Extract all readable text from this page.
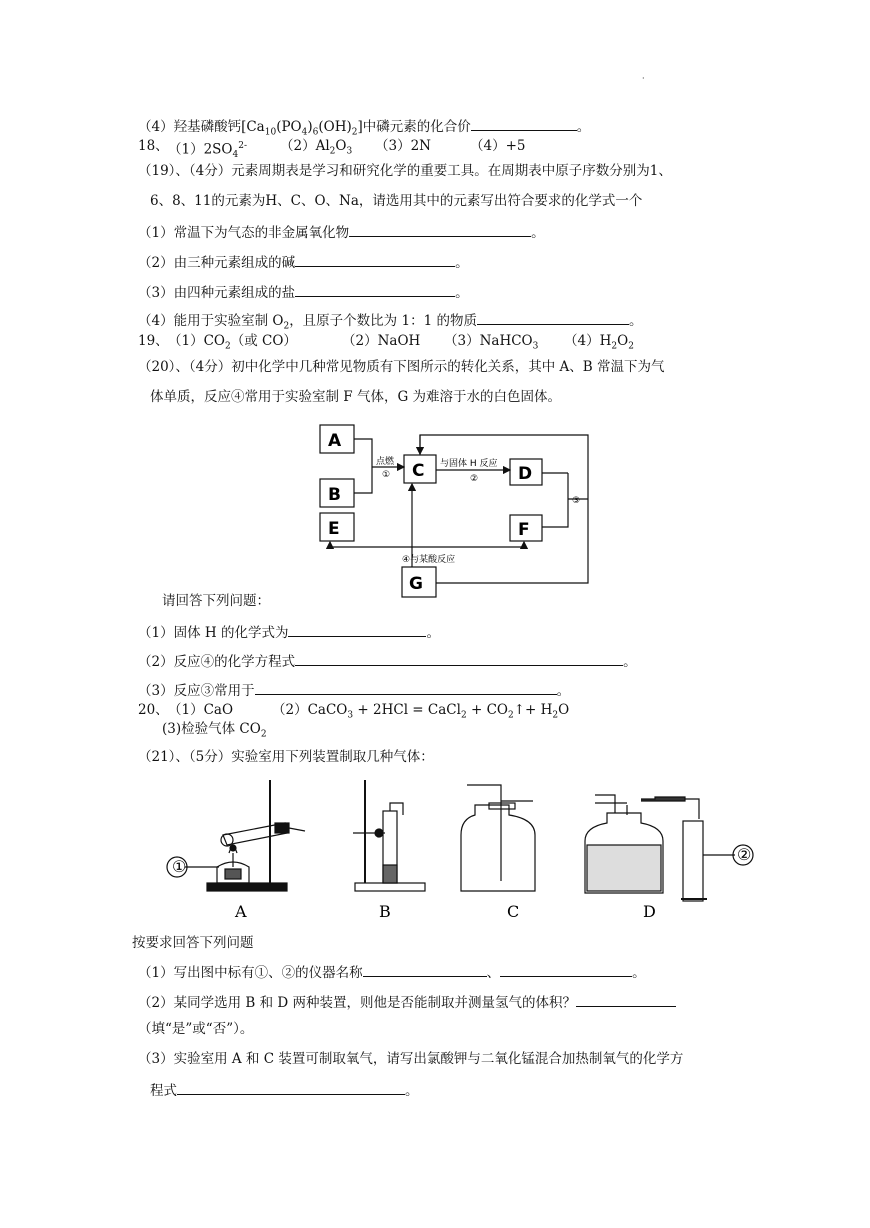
·
（4）羟基磷酸钙$[Ca_{10}(PO_4)_6(OH)_2]$中磷元素的化合价	。
18、 $(1)2SO_4^{2-}$ $(2)Al_2O_3$ （3）2N	（4）+5
（19）、（4分）元素周期表是学习和研究化学的重要工具。在周期表中原子序数分别为1、
6、8、11的元素为H、C、O、Na，请选用其中的元素写出符合要求的化学式一个
（1）常温下为气态的非金属氧化物	。
（2）由三种元素组成的碱	。
（3）由四种元素组成的盐	。
（4）能用于实验室制 $O_2$，且原子个数比为 1：1 的物质	。
19、 $(1)CO_2$（或 CO）	（2）NaOH （3）NaHCO$_3$ $(4)H_2O_2$
（20）、（4分）初中化学中几种常见物质有下图所示的转化关系，其中 A、B 常温下为气
体单质，反应④常用于实验室制 F 气体，G 为难溶于水的白色固体。
A
B
C	D
E	F
G
点燃
①
与固体 H 反应
②
③
④与某酸反应
请回答下列问题：
（1）固体 H 的化学式为	。
（2）反应④的化学方程式	。
（3）反应③常用于	。
20、 （1）CaO	（2）CaCO$_3$ + 2HCl = CaCl$_2$ + $CO_2↑+ H_2O$
(3)检验气体 $CO_2$
（21）、（5分）实验室用下列装置制取几种气体：
①
②
A	B	C	D
按要求回答下列问题
（1）写出图中标有①、②的仪器名称	、	。
（2）某同学选用 B 和 D 两种装置，则他是否能制取并测量氢气的体积？
（填“是”或“否”）。
（3）实验室用 A 和 C 装置可制取氧气，请写出氯酸钾与二氧化锰混合加热制氧气的化学方
程式	。
